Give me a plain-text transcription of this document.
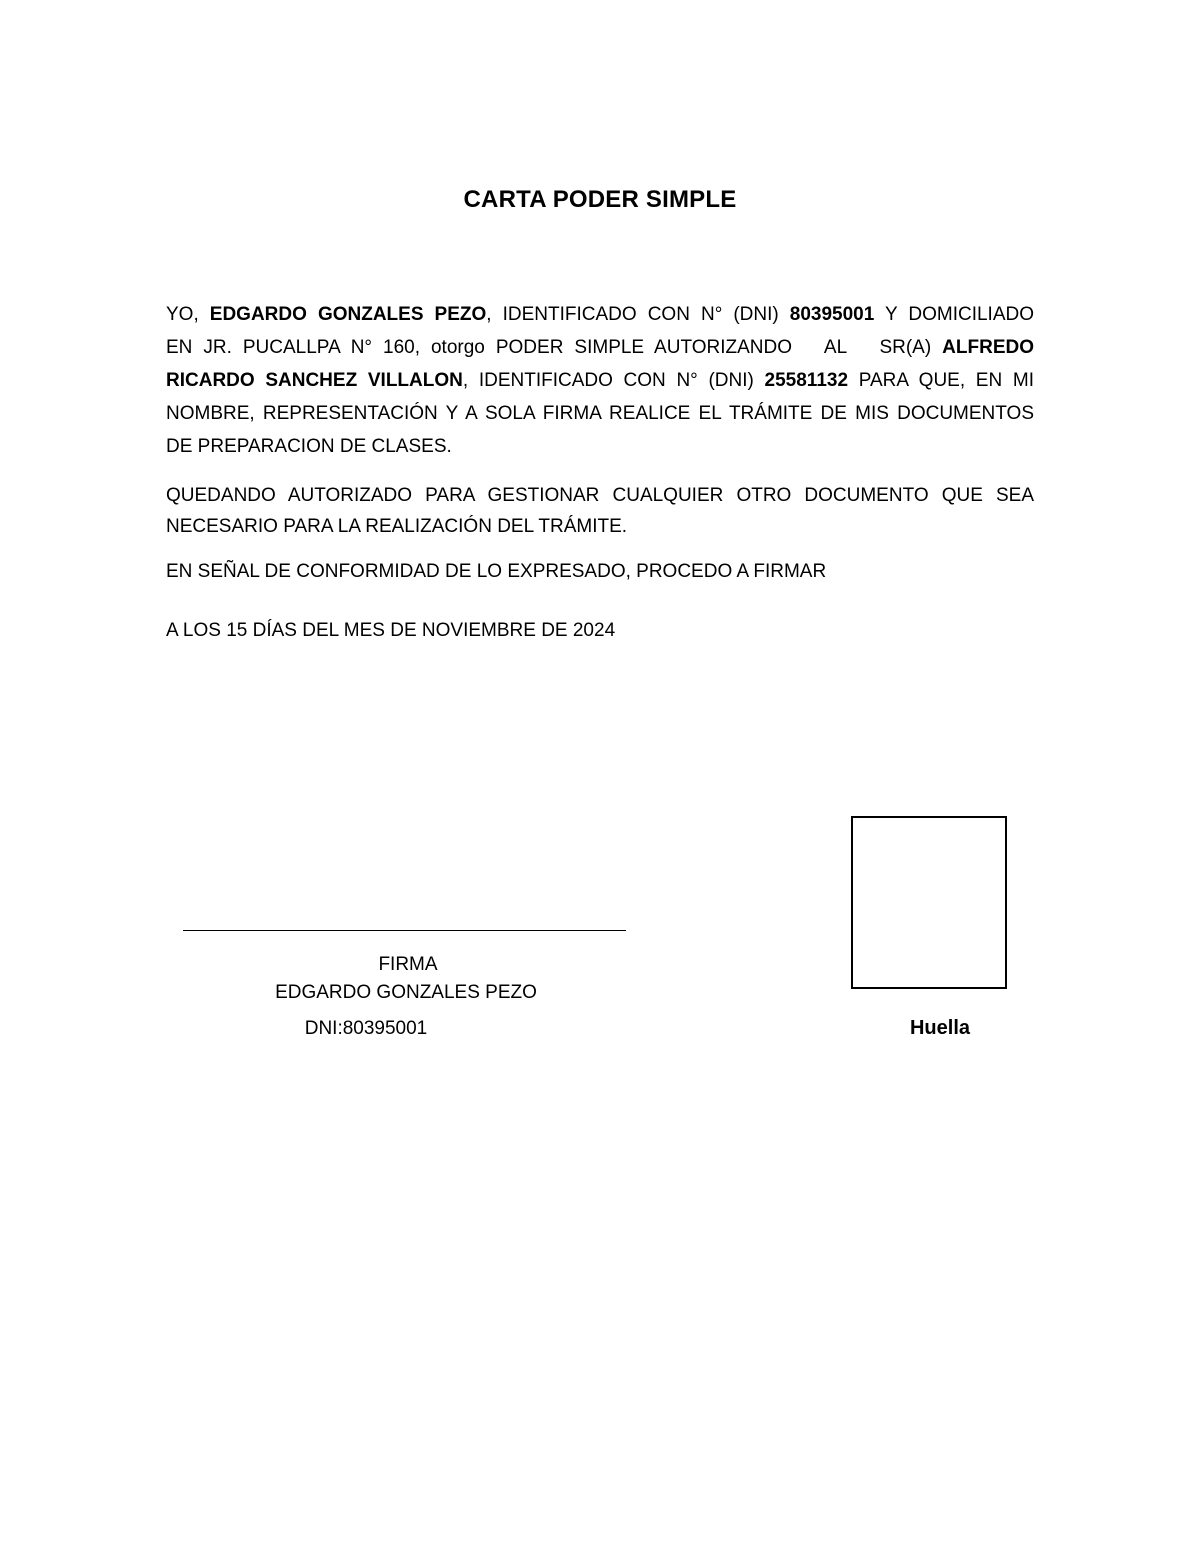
CARTA PODER SIMPLE
YO, EDGARDO GONZALES PEZO, IDENTIFICADO CON N° (DNI) 80395001 Y DOMICILIADO
EN JR. PUCALLPA N° 160, otorgo PODER SIMPLE AUTORIZANDO   AL   SR(A) ALFREDO
RICARDO SANCHEZ VILLALON, IDENTIFICADO CON N° (DNI) 25581132 PARA QUE, EN MI
NOMBRE, REPRESENTACIÓN Y A SOLA FIRMA REALICE EL TRÁMITE DE MIS DOCUMENTOS
DE PREPARACION DE CLASES.
QUEDANDO AUTORIZADO PARA GESTIONAR CUALQUIER OTRO DOCUMENTO QUE SEA
NECESARIO PARA LA REALIZACIÓN DEL TRÁMITE.
EN SEÑAL DE CONFORMIDAD DE LO EXPRESADO, PROCEDO A FIRMAR
A LOS 15 DÍAS DEL MES DE NOVIEMBRE DE 2024
FIRMA
EDGARDO GONZALES PEZO
DNI:80395001	Huella
